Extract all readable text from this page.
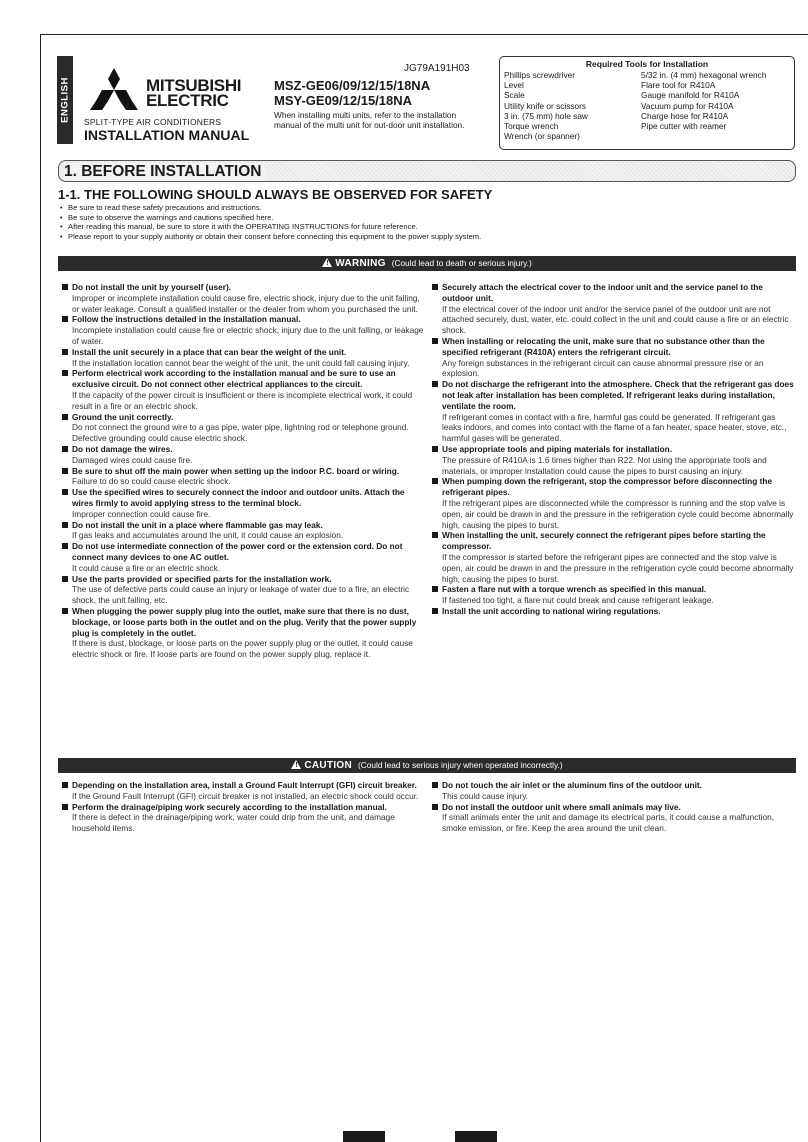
ENGLISH	MITSUBISHI
ELECTRIC
SPLIT-TYPE AIR CONDITIONERS
INSTALLATION MANUAL
JG79A191H03
MSZ-GE06/09/12/15/18NA
MSY-GE09/12/15/18NA
When installing multi units, refer to the installation manual of the multi unit for out-door unit installation.
Required Tools for Installation
Phillips screwdriver
Level
Scale
Utility knife or scissors
3 in. (75 mm) hole saw
Torque wrench
Wrench (or spanner)
5/32 in. (4 mm) hexagonal wrench
Flare tool for R410A
Gauge manifold for R410A
Vacuum pump for R410A
Charge hose for R410A
Pipe cutter with reamer
1. BEFORE INSTALLATION
1-1. THE FOLLOWING SHOULD ALWAYS BE OBSERVED FOR SAFETY
• Be sure to read these safety precautions and instructions.
• Be sure to observe the warnings and cautions specified here.
• After reading this manual, be sure to store it with the OPERATING INSTRUCTIONS for future reference.
• Please report to your supply authority or obtain their consent before connecting this equipment to the power supply system.
! WARNING (Could lead to death or serious injury.)
Do not install the unit by yourself (user).
Improper or incomplete installation could cause fire, electric shock, injury due to the unit falling, or water leakage. Consult a qualified installer or the dealer from whom you purchased the unit.
Follow the instructions detailed in the installation manual.
Incomplete installation could cause fire or electric shock, injury due to the unit falling, or leakage of water.
Install the unit securely in a place that can bear the weight of the unit.
If the installation location cannot bear the weight of the unit, the unit could fall causing injury.
Perform electrical work according to the installation manual and be sure to use an exclusive circuit. Do not connect other electrical appliances to the circuit.
If the capacity of the power circuit is insufficient or there is incomplete electrical work, it could result in a fire or an electric shock.
Ground the unit correctly.
Do not connect the ground wire to a gas pipe, water pipe, lightning rod or telephone ground. Defective grounding could cause electric shock.
Do not damage the wires.
Damaged wires could cause fire.
Be sure to shut off the main power when setting up the indoor P.C. board or wiring.
Failure to do so could cause electric shock.
Use the specified wires to securely connect the indoor and outdoor units. Attach the wires firmly to avoid applying stress to the terminal block.
Improper connection could cause fire.
Do not install the unit in a place where flammable gas may leak.
If gas leaks and accumulates around the unit, it could cause an explosion.
Do not use intermediate connection of the power cord or the extension cord. Do not connect many devices to one AC outlet.
It could cause a fire or an electric shock.
Use the parts provided or specified parts for the installation work.
The use of defective parts could cause an injury or leakage of water due to a fire, an electric shock, the unit falling, etc.
When plugging the power supply plug into the outlet, make sure that there is no dust, blockage, or loose parts both in the outlet and on the plug. Verify that the power supply plug is completely in the outlet.
If there is dust, blockage, or loose parts on the power supply plug or the outlet, it could cause electric shock or fire. If loose parts are found on the power supply plug, replace it.
Securely attach the electrical cover to the indoor unit and the service panel to the outdoor unit.
If the electrical cover of the indoor unit and/or the service panel of the outdoor unit are not attached securely, dust, water, etc. could collect in the unit and could cause a fire or an electric shock.
When installing or relocating the unit, make sure that no substance other than the specified refrigerant (R410A) enters the refrigerant circuit.
Any foreign substances in the refrigerant circuit can cause abnormal pressure rise or an explosion.
Do not discharge the refrigerant into the atmosphere. Check that the refrigerant gas does not leak after installation has been completed. If refrigerant leaks during installation, ventilate the room.
If refrigerant comes in contact with a fire, harmful gas could be generated. If refrigerant gas leaks indoors, and comes into contact with the flame of a fan heater, space heater, stove, etc., harmful gases will be generated.
Use appropriate tools and piping materials for installation.
The pressure of R410A is 1.6 times higher than R22. Not using the appropriate tools and materials, or improper installation could cause the pipes to burst causing an injury.
When pumping down the refrigerant, stop the compressor before disconnecting the refrigerant pipes.
If the refrigerant pipes are disconnected while the compressor is running and the stop valve is open, air could be drawn in and the pressure in the refrigeration cycle could become abnormally high, causing the pipes to burst.
When installing the unit, securely connect the refrigerant pipes before starting the compressor.
If the compressor is started before the refrigerant pipes are connected and the stop valve is open, air could be drawn in and the pressure in the refrigeration cycle could become abnormally high, causing the pipes to burst.
Fasten a flare nut with a torque wrench as specified in this manual.
If fastened too tight, a flare nut could break and cause refrigerant leakage.
Install the unit according to national wiring regulations.
! CAUTION (Could lead to serious injury when operated incorrectly.)
Depending on the installation area, install a Ground Fault Interrupt (GFI) circuit breaker.
If the Ground Fault Interrupt (GFI) circuit breaker is not installed, an electric shock could occur.
Perform the drainage/piping work securely according to the installation manual.
If there is defect in the drainage/piping work, water could drip from the unit, and damage household items.
Do not touch the air inlet or the aluminum fins of the outdoor unit.
This could cause injury.
Do not install the outdoor unit where small animals may live.
If small animals enter the unit and damage its electrical parts, it could cause a malfunction, smoke emission, or fire. Keep the area around the unit clean.
